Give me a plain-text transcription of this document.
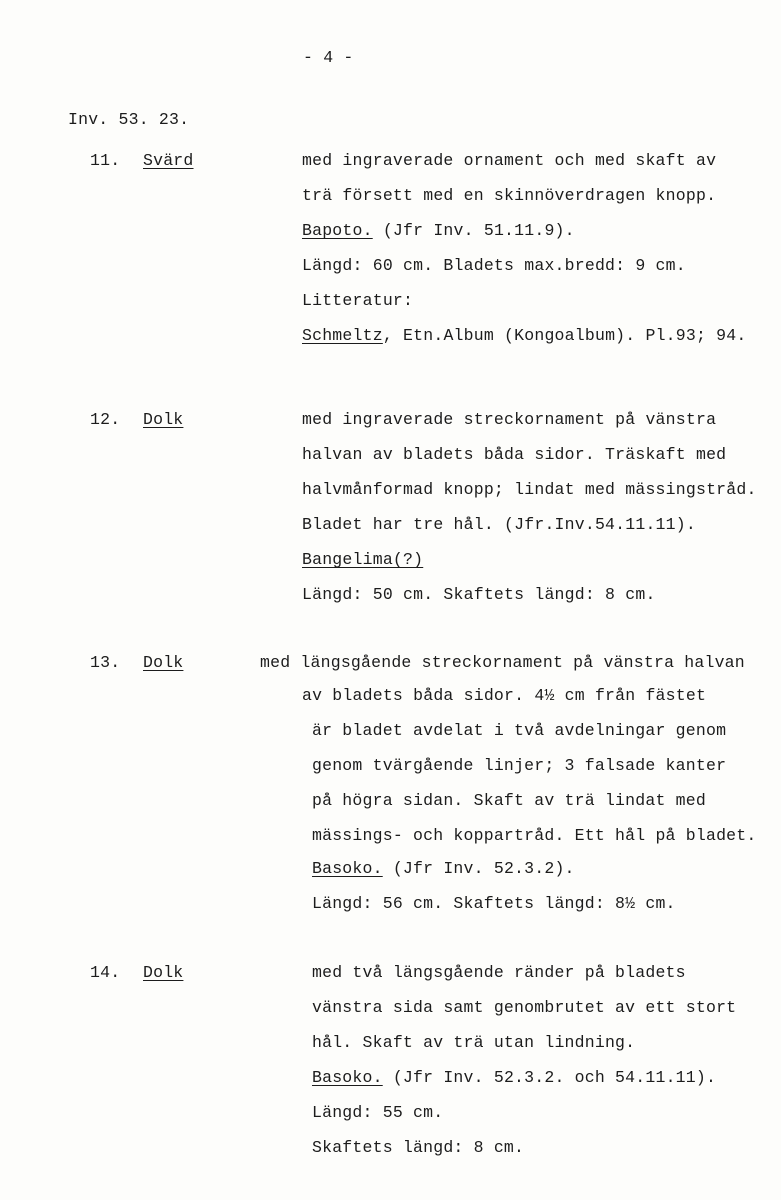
- 4 -
Inv. 53. 23.
11. Svärd	med ingraverade ornament och med skaft av
trä försett med en skinnöverdragen knopp.
Bapoto. (Jfr Inv. 51.11.9).
Längd: 60 cm. Bladets max.bredd: 9 cm.
Litteratur:
Schmeltz, Etn.Album (Kongoalbum). Pl.93; 94.
12. Dolk	med ingraverade streckornament på vänstra
halvan av bladets båda sidor. Träskaft med
halvmånformad knopp; lindat med mässingstråd.
Bladet har tre hål. (Jfr.Inv.54.11.11).
Bangelima(?)
Längd: 50 cm. Skaftets längd: 8 cm.
13. Dolk	med längsgående streckornament på vänstra halvan
av bladets båda sidor. 4½ cm från fästet
är bladet avdelat i två avdelningar genom
genom tvärgående linjer; 3 falsade kanter
på högra sidan. Skaft av trä lindat med
mässings- och koppartråd. Ett hål på bladet.
Basoko. (Jfr Inv. 52.3.2).
Längd: 56 cm. Skaftets längd: 8½ cm.
14. Dolk	med två längsgående ränder på bladets
vänstra sida samt genombrutet av ett stort
hål. Skaft av trä utan lindning.
Basoko. (Jfr Inv. 52.3.2. och 54.11.11).
Längd: 55 cm.
Skaftets längd: 8 cm.
